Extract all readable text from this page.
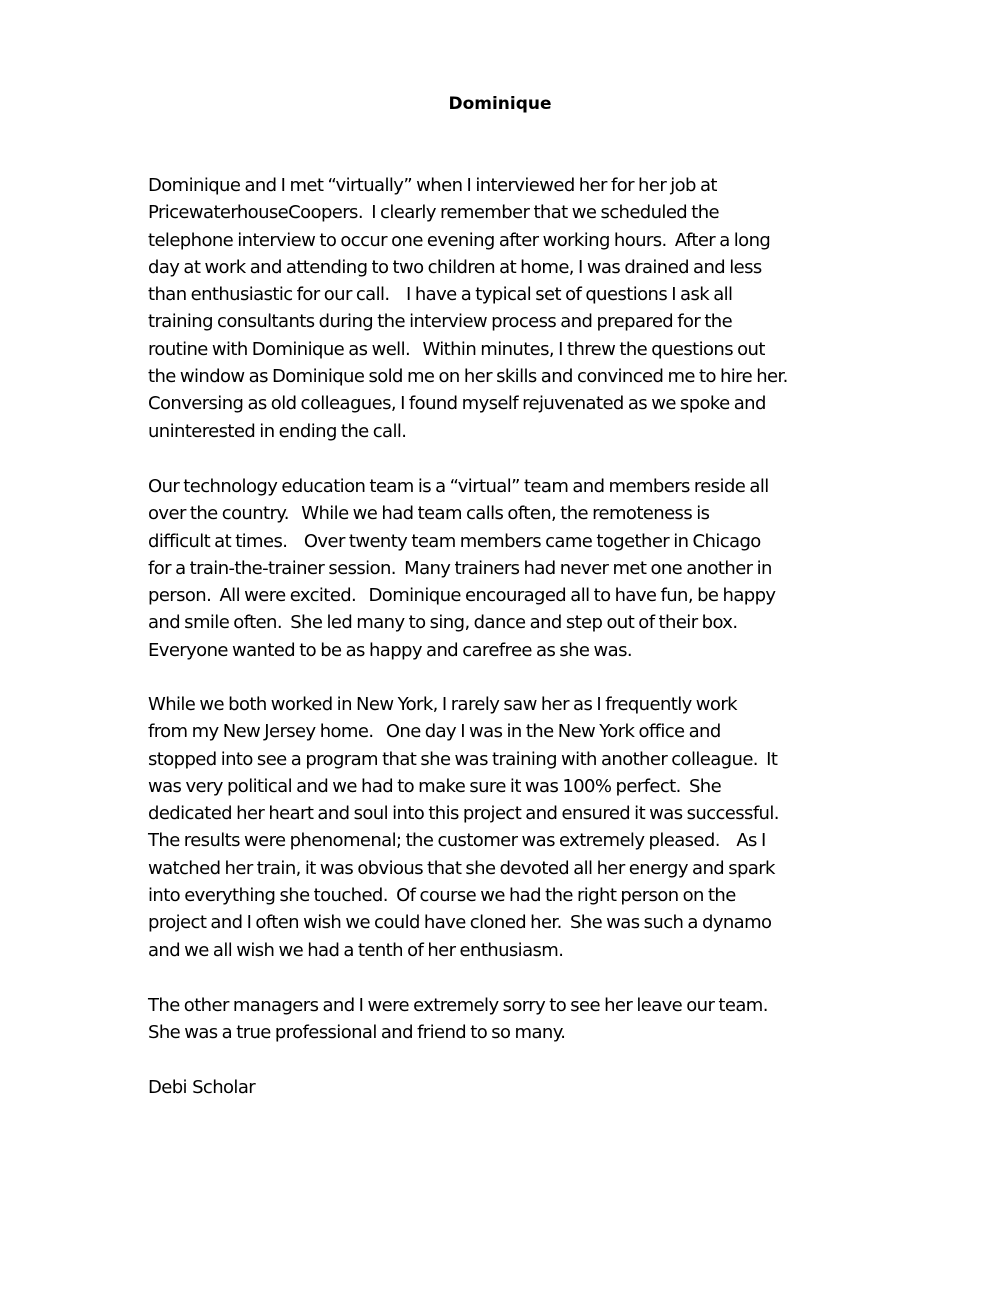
Dominique

Dominique and I met “virtually” when I interviewed her for her job at
PricewaterhouseCoopers.  I clearly remember that we scheduled the
telephone interview to occur one evening after working hours.  After a long
day at work and attending to two children at home, I was drained and less
than enthusiastic for our call.    I have a typical set of questions I ask all
training consultants during the interview process and prepared for the
routine with Dominique as well.   Within minutes, I threw the questions out
the window as Dominique sold me on her skills and convinced me to hire her.
Conversing as old colleagues, I found myself rejuvenated as we spoke and
uninterested in ending the call.

Our technology education team is a “virtual” team and members reside all
over the country.   While we had team calls often, the remoteness is
difficult at times.    Over twenty team members came together in Chicago
for a train-the-trainer session.  Many trainers had never met one another in
person.  All were excited.   Dominique encouraged all to have fun, be happy
and smile often.  She led many to sing, dance and step out of their box.
Everyone wanted to be as happy and carefree as she was.

While we both worked in New York, I rarely saw her as I frequently work
from my New Jersey home.   One day I was in the New York office and
stopped into see a program that she was training with another colleague.  It
was very political and we had to make sure it was 100% perfect.  She
dedicated her heart and soul into this project and ensured it was successful.
The results were phenomenal; the customer was extremely pleased.    As I
watched her train, it was obvious that she devoted all her energy and spark
into everything she touched.  Of course we had the right person on the
project and I often wish we could have cloned her.  She was such a dynamo
and we all wish we had a tenth of her enthusiasm.

The other managers and I were extremely sorry to see her leave our team.
She was a true professional and friend to so many.

Debi Scholar
